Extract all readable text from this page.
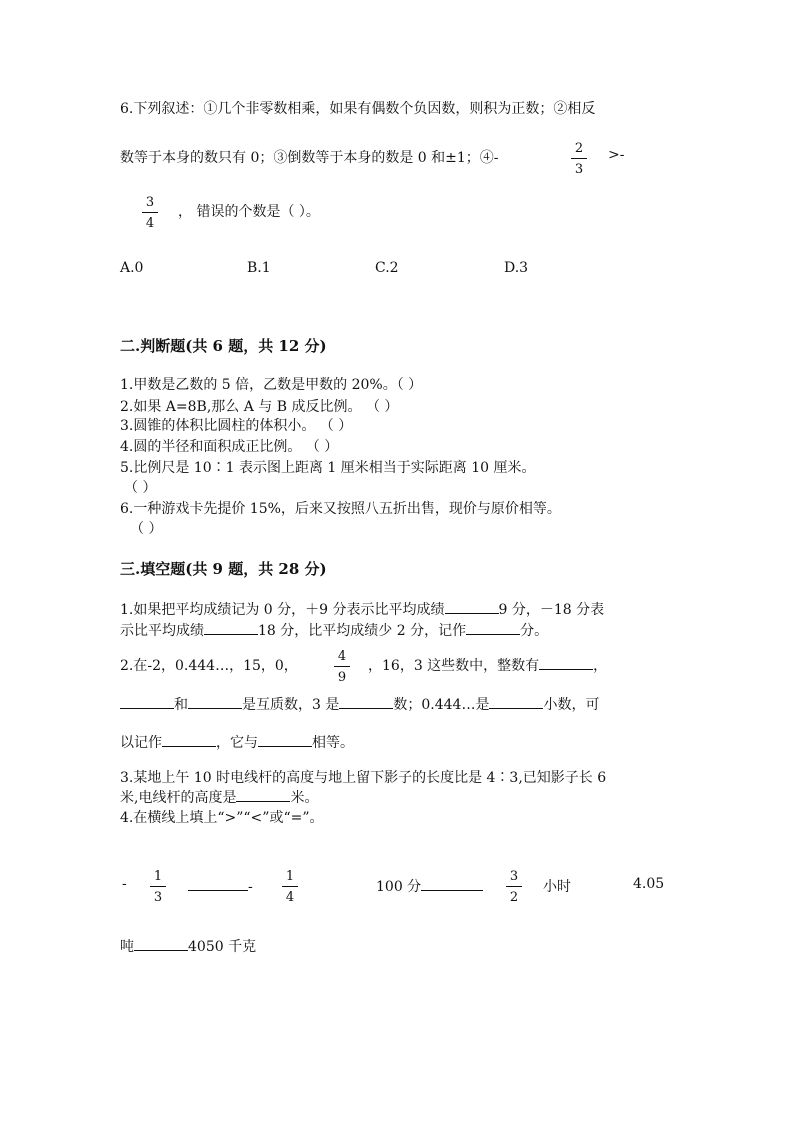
6.下列叙述：①几个非零数相乘，如果有偶数个负因数，则积为正数；②相反
数等于本身的数只有 0；③倒数等于本身的数是 0 和±1；④-
2
3
>-
3
4
， 错误的个数是（ ）。
A.0	B.1	C.2	D.3
二.判断题(共 6 题，共 12 分)
1.甲数是乙数的 5 倍，乙数是甲数的 20%。（ ）
2.如果 A=8B,那么 A 与 B 成反比例。 （ ）
3.圆锥的体积比圆柱的体积小。 （ ）
4.圆的半径和面积成正比例。 （ ）
5.比例尺是 10∶1 表示图上距离 1 厘米相当于实际距离 10 厘米。
（ ）
6.一种游戏卡先提价 15%，后来又按照八五折出售，现价与原价相等。
（ ）
三.填空题(共 9 题，共 28 分)
1.如果把平均成绩记为 0 分，＋9 分表示比平均成绩	9 分，－18 分表
示比平均成绩	18 分，比平均成绩少 2 分，记作	分。
2.在-2，0.444…，15，0，
4
9
，16，3 这些数中，整数有	，
和	是互质数，3 是	数；0.444…是	小数，可
以记作	，它与	相等。
3.某地上午 10 时电线杆的高度与地上留下影子的长度比是 4∶3,已知影子长 6
米,电线杆的高度是	米。
4.在横线上填上“>”“<”或“=”。
-	1
3
-
1
4
100 分
3
2
小时	4.05
吨	4050 千克
